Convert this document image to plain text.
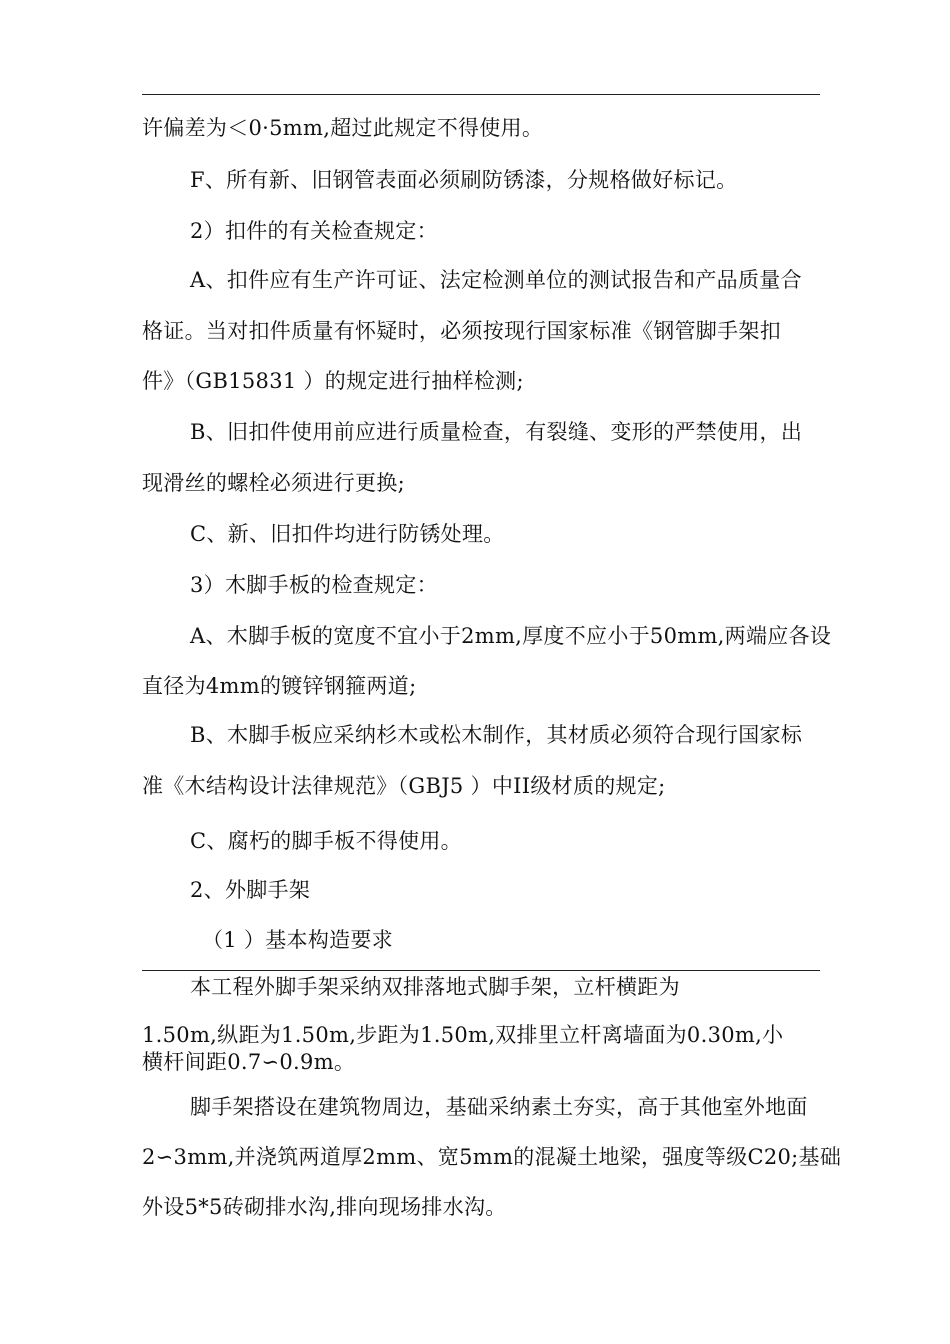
许偏差为＜0·5mm,超过此规定不得使用。
F、所有新、旧钢管表面必须刷防锈漆，分规格做好标记。
2）扣件的有关检查规定：
A、扣件应有生产许可证、法定检测单位的测试报告和产品质量合
格证。当对扣件质量有怀疑时，必须按现行国家标准《钢管脚手架扣
件》（GB15831 ）的规定进行抽样检测;
B、旧扣件使用前应进行质量检查，有裂缝、变形的严禁使用，出
现滑丝的螺栓必须进行更换;
C、新、旧扣件均进行防锈处理。
3）木脚手板的检查规定：
A、木脚手板的宽度不宜小于2mm,厚度不应小于50mm,两端应各设
直径为4mm的镀锌钢箍两道;
B、木脚手板应采纳杉木或松木制作，其材质必须符合现行国家标
准《木结构设计法律规范》（GBJ5 ）中II级材质的规定;
C、腐朽的脚手板不得使用。
2、外脚手架
（1 ）基本构造要求
本工程外脚手架采纳双排落地式脚手架，立杆横距为
1.50m,纵距为1.50m,步距为1.50m,双排里立杆离墙面为0.30m,小
横杆间距0.7∽0.9m。
脚手架搭设在建筑物周边，基础采纳素土夯实，高于其他室外地面
2∽3mm,并浇筑两道厚2mm、宽5mm的混凝土地梁，强度等级C20;基础
外设5*5砖砌排水沟,排向现场排水沟。
